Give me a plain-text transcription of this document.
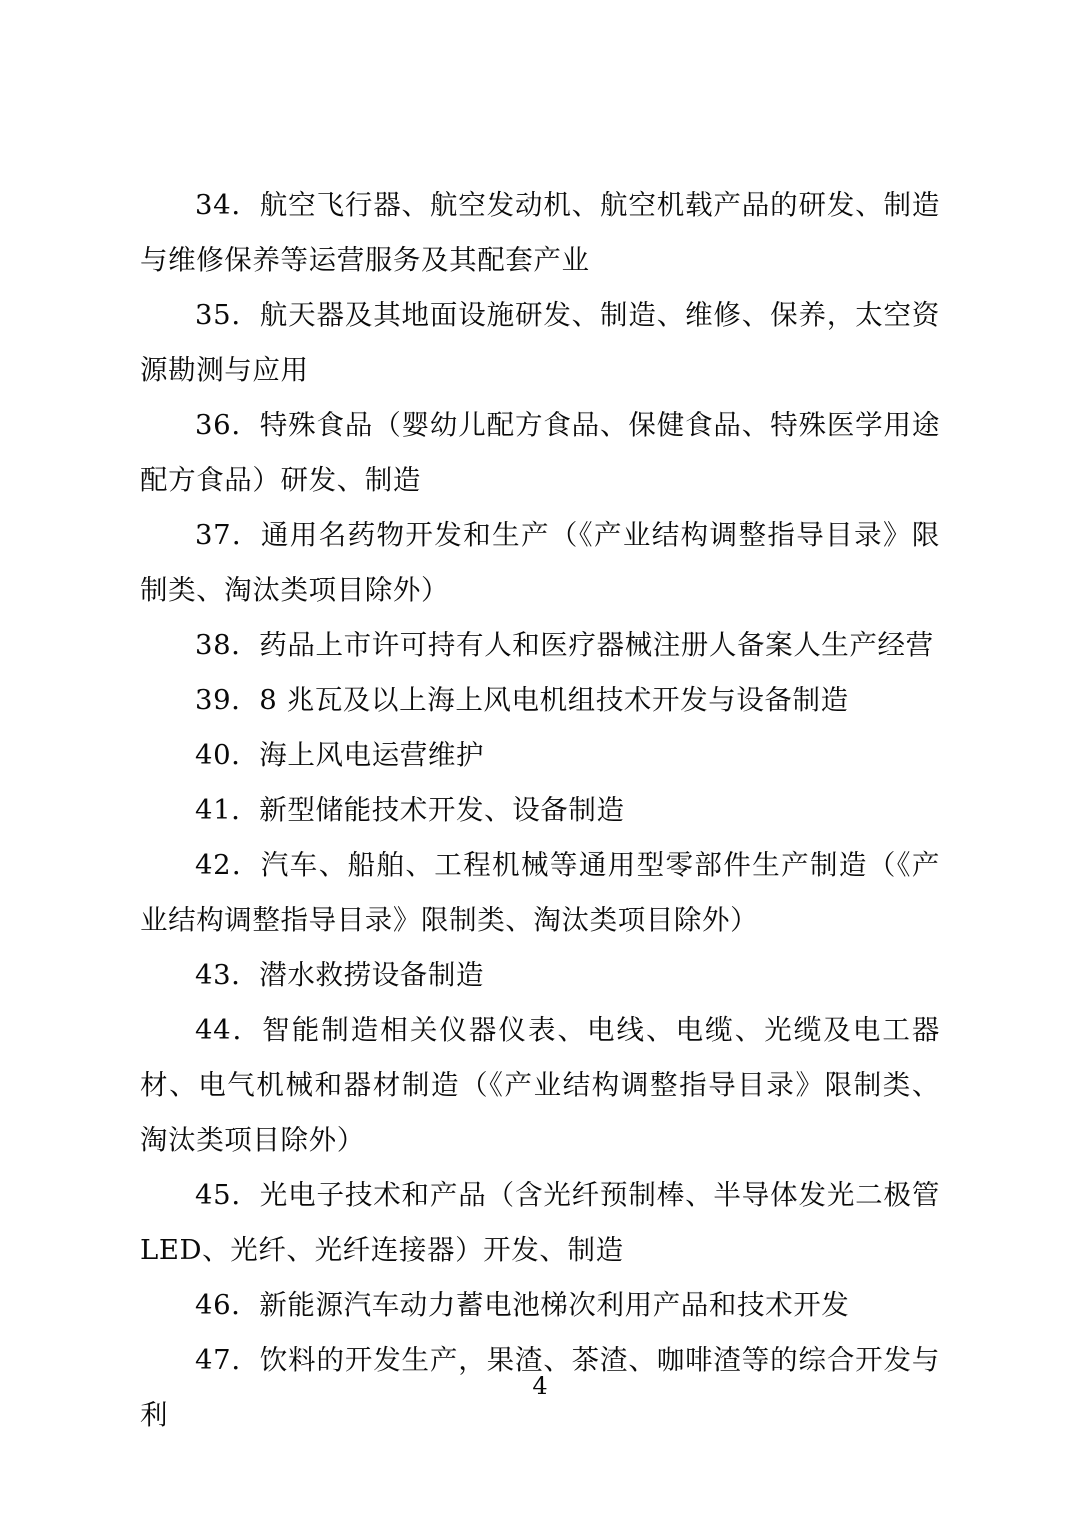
34．航空飞行器、航空发动机、航空机载产品的研发、制造与维修保养等运营服务及其配套产业

35．航天器及其地面设施研发、制造、维修、保养，太空资源勘测与应用

36．特殊食品（婴幼儿配方食品、保健食品、特殊医学用途配方食品）研发、制造

37．通用名药物开发和生产（《产业结构调整指导目录》限制类、淘汰类项目除外）

38．药品上市许可持有人和医疗器械注册人备案人生产经营

39．8 兆瓦及以上海上风电机组技术开发与设备制造

40．海上风电运营维护

41．新型储能技术开发、设备制造

42．汽车、船舶、工程机械等通用型零部件生产制造（《产业结构调整指导目录》限制类、淘汰类项目除外）

43．潜水救捞设备制造

44．智能制造相关仪器仪表、电线、电缆、光缆及电工器材、电气机械和器材制造（《产业结构调整指导目录》限制类、淘汰类项目除外）

45．光电子技术和产品（含光纤预制棒、半导体发光二极管 LED、光纤、光纤连接器）开发、制造

46．新能源汽车动力蓄电池梯次利用产品和技术开发

47．饮料的开发生产，果渣、茶渣、咖啡渣等的综合开发与利

4
